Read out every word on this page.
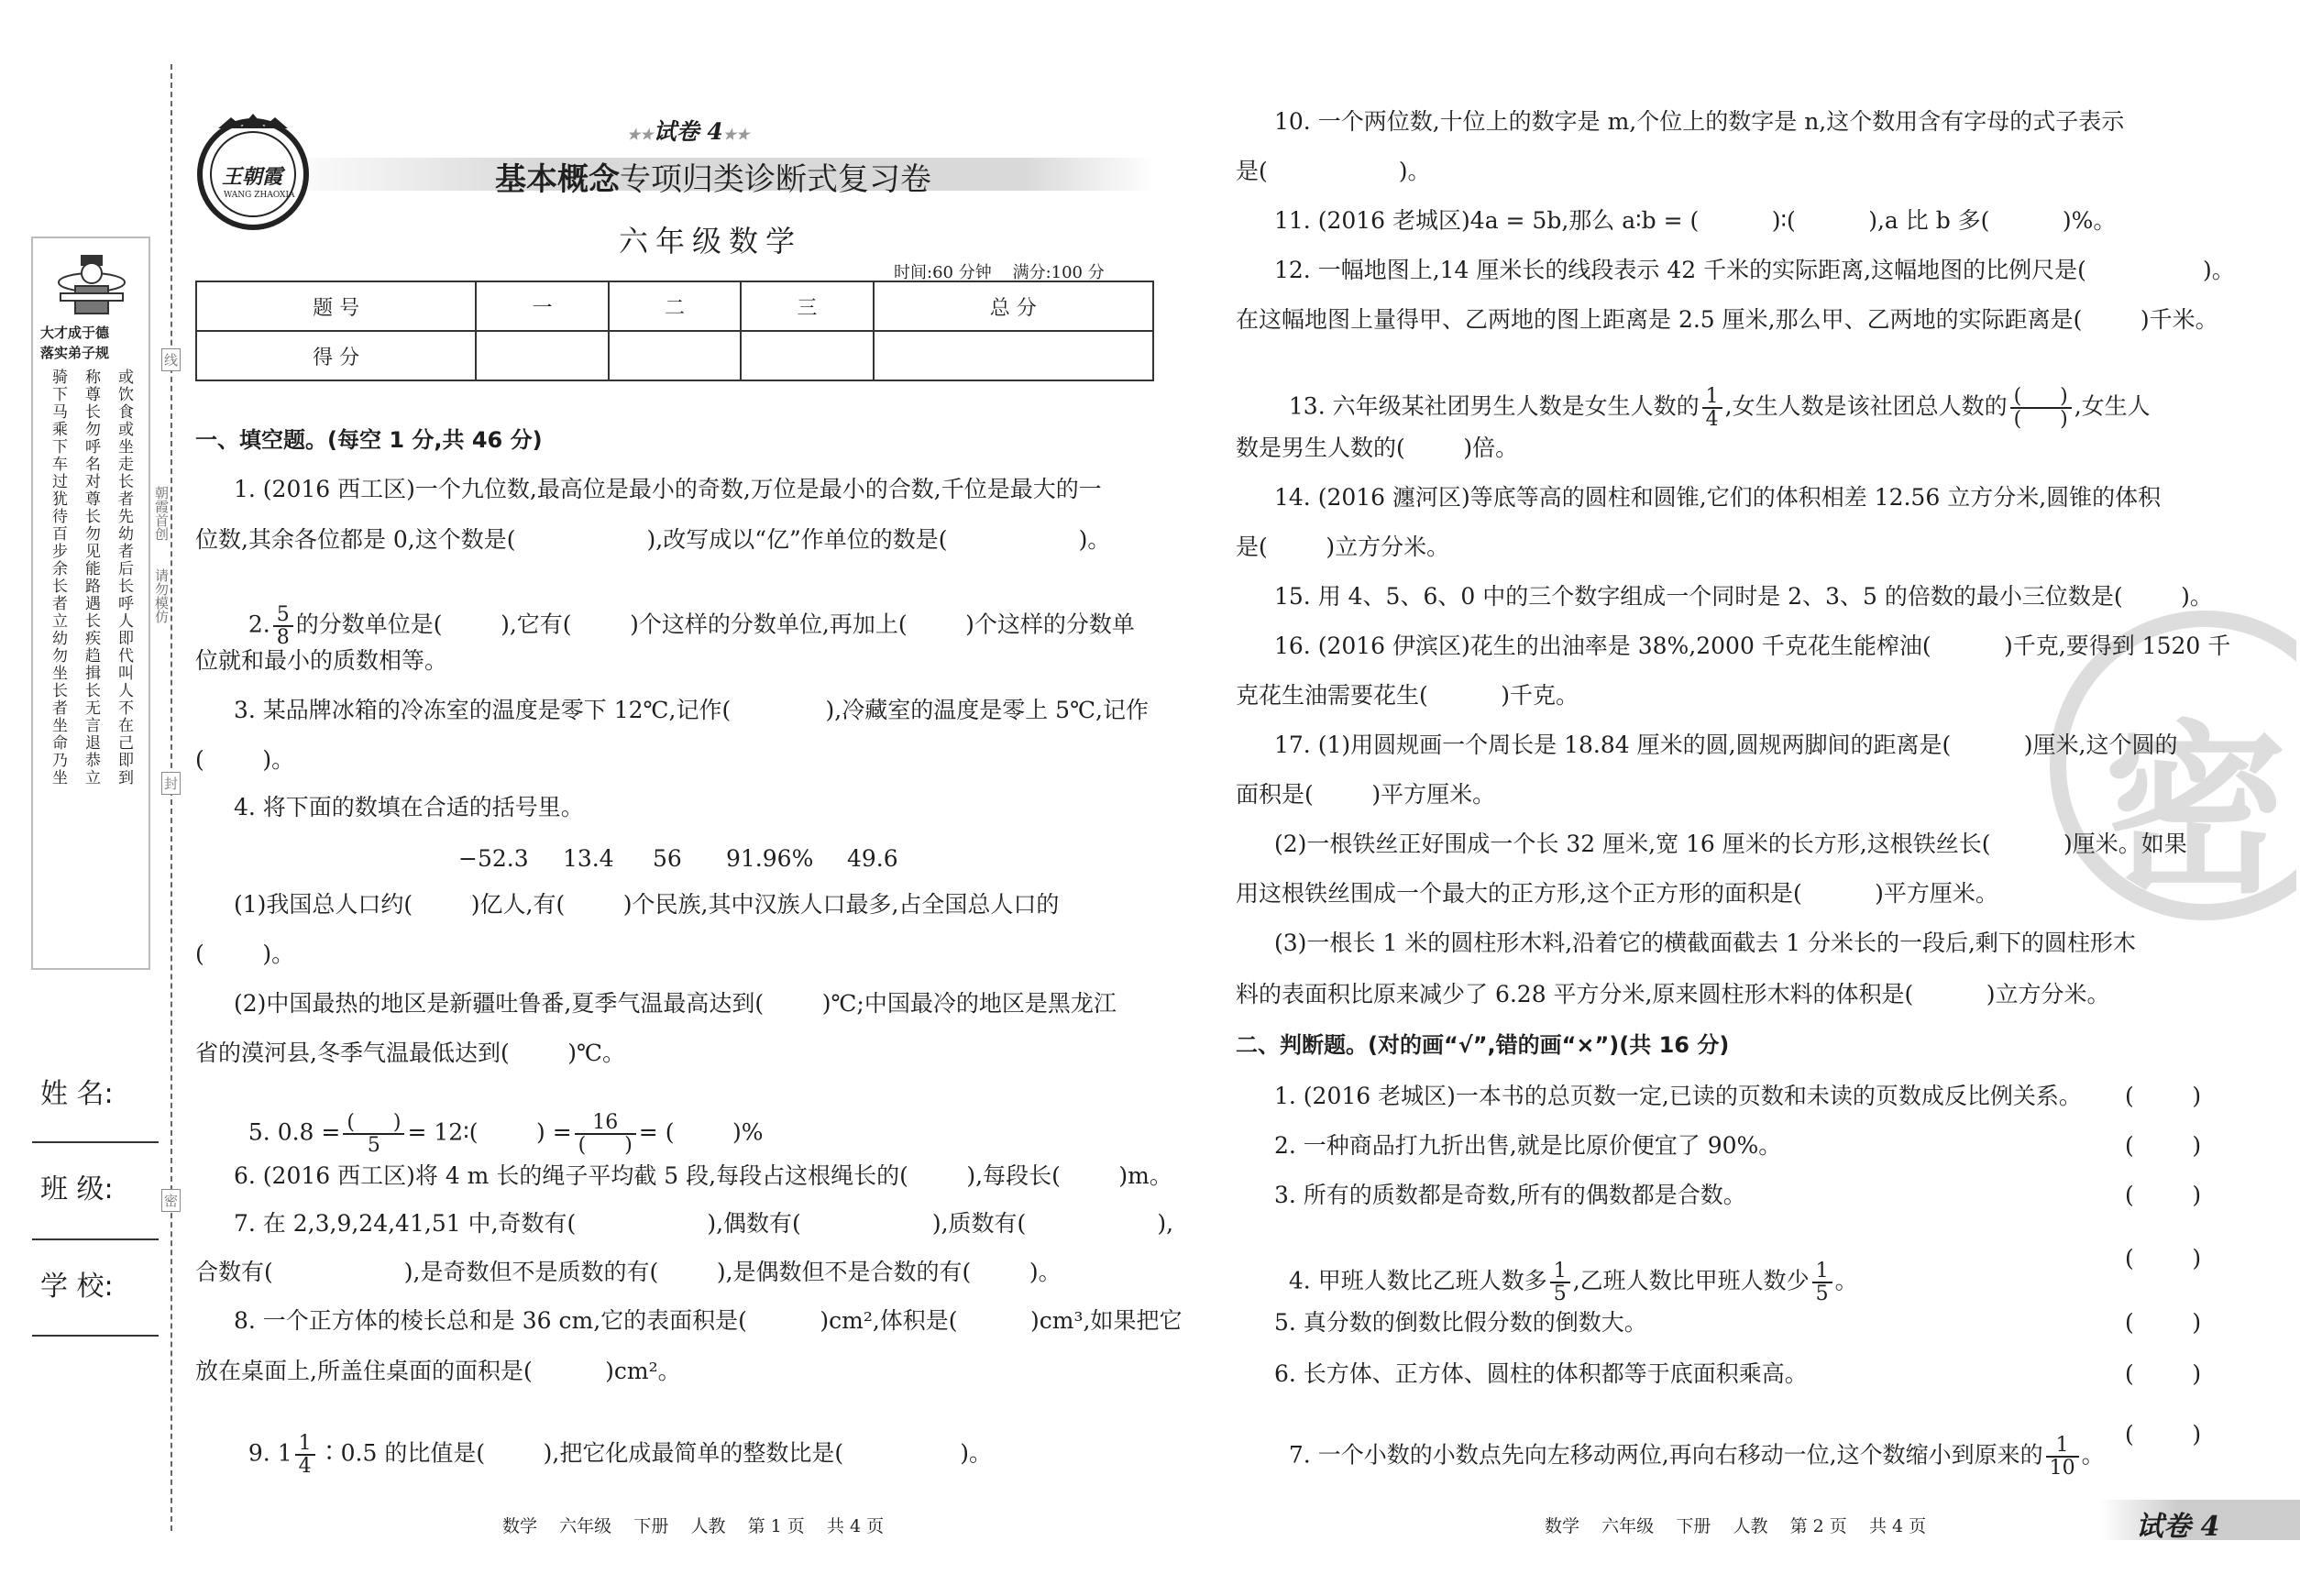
线
封
密
朝霞首创
请勿模仿
大才成于德
落实弟子规
骑下马乘下车过犹待百步余长者立幼勿坐长者坐命乃坐 称尊长勿呼名对尊长勿见能路遇长疾趋揖长无言退恭立 或饮食或坐走长者先幼者后长呼人即代叫人不在己即到
姓 名:
班 级:
学 校:
王朝霞
WANG ZHAOXIA
★★试卷 4★★
基本概念专项归类诊断式复习卷
六年级数学
时间:60 分钟    满分:100 分
题 号	一	二	三	总 分
得 分				
一、填空题。(每空 1 分,共 46 分)
1. (2016 西工区)一个九位数,最高位是最小的奇数,万位是最小的合数,千位是最大的一
位数,其余各位都是 0,这个数是(                  ),改写成以“亿”作单位的数是(                  )。

2. $\frac{5}{8}$ 的分数单位是(        ),它有(        )个这样的分数单位,再加上(        )个这样的分数单

位就和最小的质数相等。
3. 某品牌冰箱的冷冻室的温度是零下 12℃,记作(             ),冷藏室的温度是零上 5℃,记作
(        )。
4. 将下面的数填在合适的括号里。
−52.3 13.4 56 91.96% 49.6
(1)我国总人口约(        )亿人,有(        )个民族,其中汉族人口最多,占全国总人口的
(        )。
(2)中国最热的地区是新疆吐鲁番,夏季气温最高达到(        )℃;中国最冷的地区是黑龙江
省的漠河县,冬季气温最低达到(        )℃。

5. $0.8 = \frac{( )}{5}$ = 12∶(        ) = $\frac{16}{( )}$ = (        )%

6. (2016 西工区)将 4 m 长的绳子平均截 5 段,每段占这根绳长的(        ),每段长(        )m。
7. 在 2,3,9,24,41,51 中,奇数有(                  ),偶数有(                  ),质数有(                  ),
合数有(                  ),是奇数但不是质数的有(        ),是偶数但不是合数的有(        )。
8. 一个正方体的棱长总和是 36 cm,它的表面积是(          )cm²,体积是(          )cm³,如果把它
放在桌面上,所盖住桌面的面积是(          )cm²。

9. $1 \frac{1}{4}$ ∶0.5 的比值是(        ),把它化成最简单的整数比是(                )。

数学    六年级    下册    人教    第 1 页    共 4 页
密
10. 一个两位数,十位上的数字是 m,个位上的数字是 n,这个数用含有字母的式子表示
是(                  )。
11. (2016 老城区)4a = 5b,那么 a∶b = (          )∶(          ),a 比 b 多(          )%。
12. 一幅地图上,14 厘米长的线段表示 42 千米的实际距离,这幅地图的比例尺是(                )。
在这幅地图上量得甲、乙两地的图上距离是 2.5 厘米,那么甲、乙两地的实际距离是(        )千米。

13. 六年级某社团男生人数是女生人数的 $\frac{1}{4}$ ,女生人数是该社团总人数的 $\frac{( )}{( )}$ ,女生人

数是男生人数的(        )倍。
14. (2016 瀍河区)等底等高的圆柱和圆锥,它们的体积相差 12.56 立方分米,圆锥的体积
是(        )立方分米。
15. 用 4、5、6、0 中的三个数字组成一个同时是 2、3、5 的倍数的最小三位数是(        )。
16. (2016 伊滨区)花生的出油率是 38%,2000 千克花生能榨油(          )千克,要得到 1520 千
克花生油需要花生(          )千克。
17. (1)用圆规画一个周长是 18.84 厘米的圆,圆规两脚间的距离是(          )厘米,这个圆的
面积是(        )平方厘米。
(2)一根铁丝正好围成一个长 32 厘米,宽 16 厘米的长方形,这根铁丝长(          )厘米。如果
用这根铁丝围成一个最大的正方形,这个正方形的面积是(          )平方厘米。
(3)一根长 1 米的圆柱形木料,沿着它的横截面截去 1 分米长的一段后,剩下的圆柱形木
料的表面积比原来减少了 6.28 平方分米,原来圆柱形木料的体积是(          )立方分米。
二、判断题。(对的画“√”,错的画“×”)(共 16 分)
1. (2016 老城区)一本书的总页数一定,已读的页数和未读的页数成反比例关系。 (        )
2. 一种商品打九折出售,就是比原价便宜了 90%。	(        )
3. 所有的质数都是奇数,所有的偶数都是合数。	(        )

4. 甲班人数比乙班人数多 $\frac{1}{5}$ ,乙班人数比甲班人数少 $\frac{1}{5}$ 。

(        )
5. 真分数的倒数比假分数的倒数大。	(        )
6. 长方体、正方体、圆柱的体积都等于底面积乘高。	(        )

7. 一个小数的小数点先向左移动两位,再向右移动一位,这个数缩小到原来的 $\frac{1}{10}$ 。

(        )
数学    六年级    下册    人教    第 2 页    共 4 页	试卷 4
